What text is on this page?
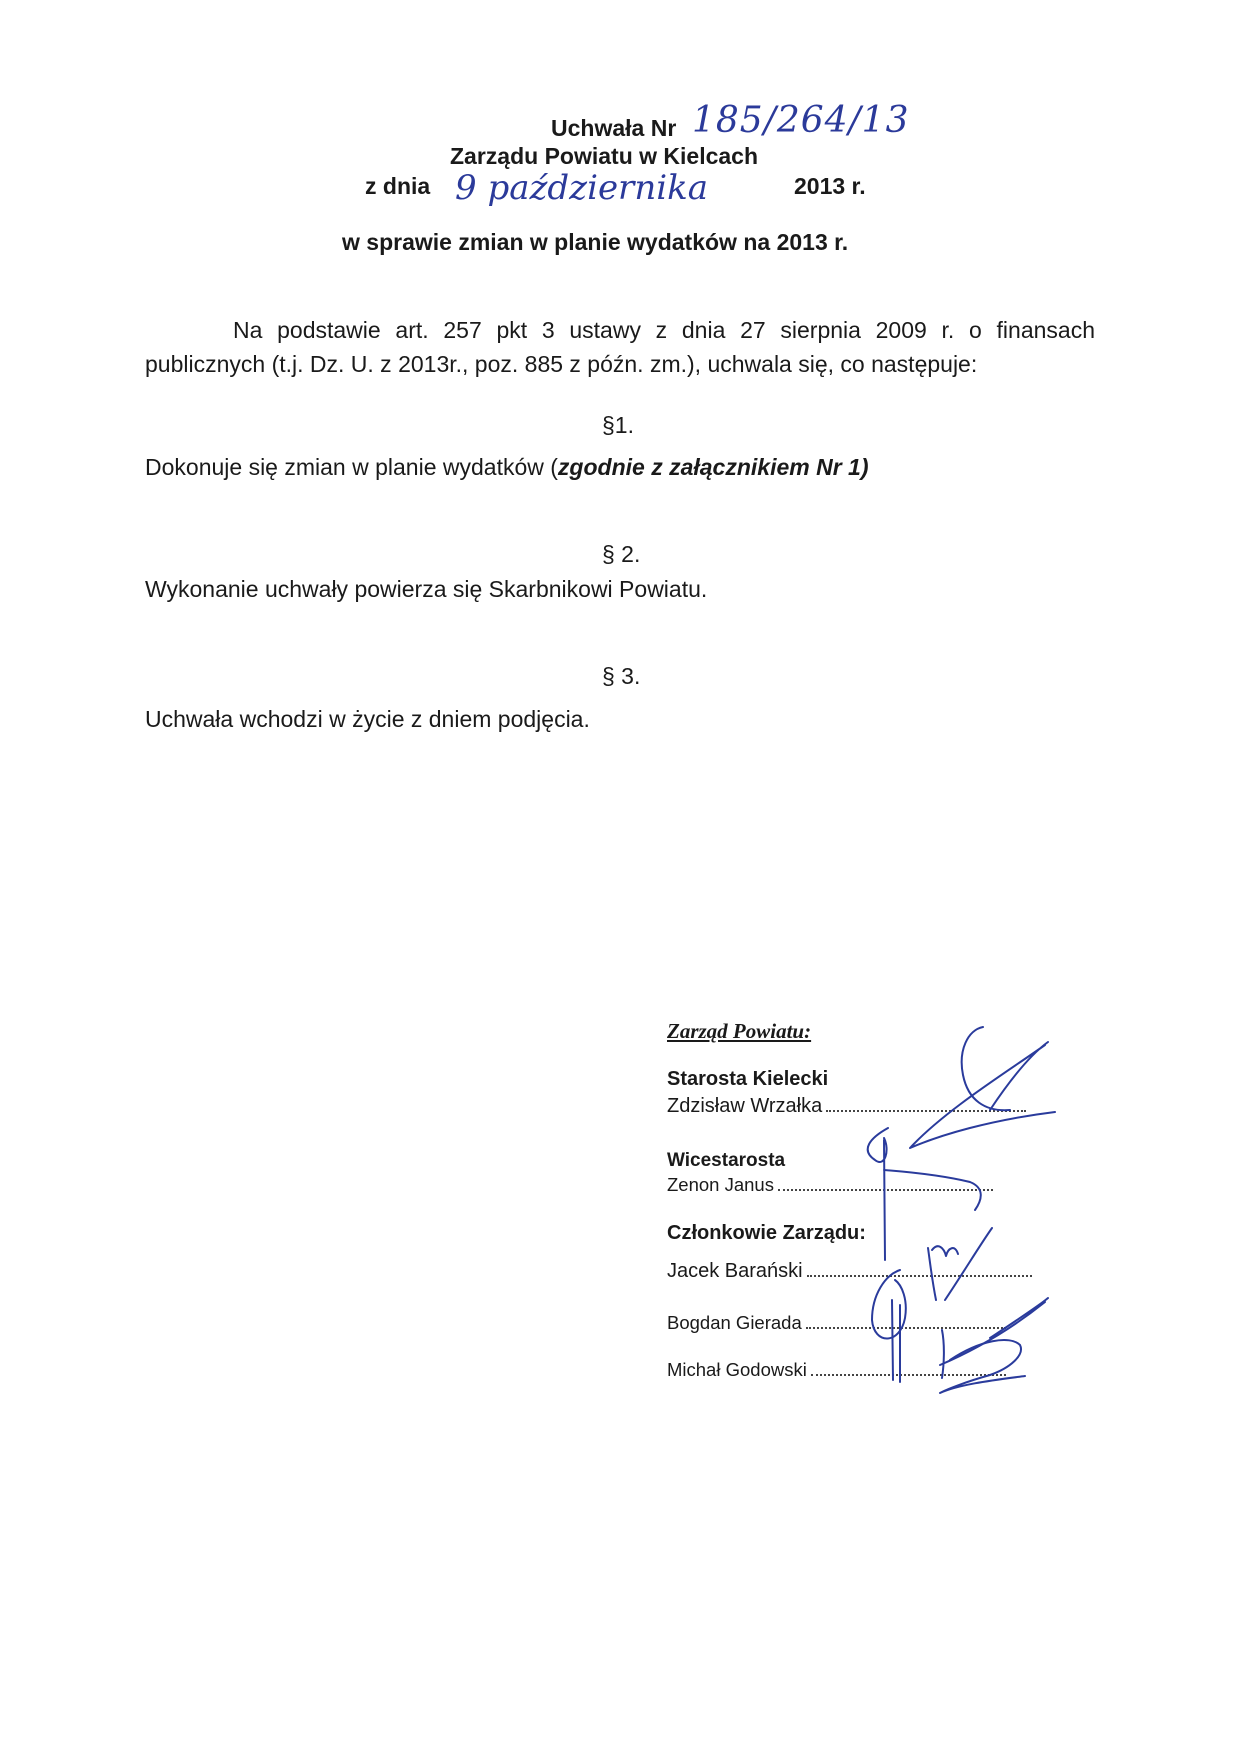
Uchwała Nr 185/264/13
Zarządu Powiatu w Kielcach
z dnia 9 października	2013 r.
w sprawie zmian w planie wydatków na 2013 r.
Na podstawie art. 257 pkt 3 ustawy z dnia 27 sierpnia 2009 r. o finansach publicznych (t.j. Dz. U. z 2013r., poz. 885 z późn. zm.), uchwala się, co następuje:
§1.
Dokonuje się zmian w planie wydatków (zgodnie z załącznikiem Nr 1)
§ 2.
Wykonanie uchwały powierza się Skarbnikowi Powiatu.
§ 3.
Uchwała wchodzi w życie z dniem podjęcia.
Zarząd Powiatu:
Starosta Kielecki
Zdzisław Wrzałka
Wicestarosta
Zenon Janus
Członkowie Zarządu:
Jacek Barański
Bogdan Gierada
Michał Godowski
